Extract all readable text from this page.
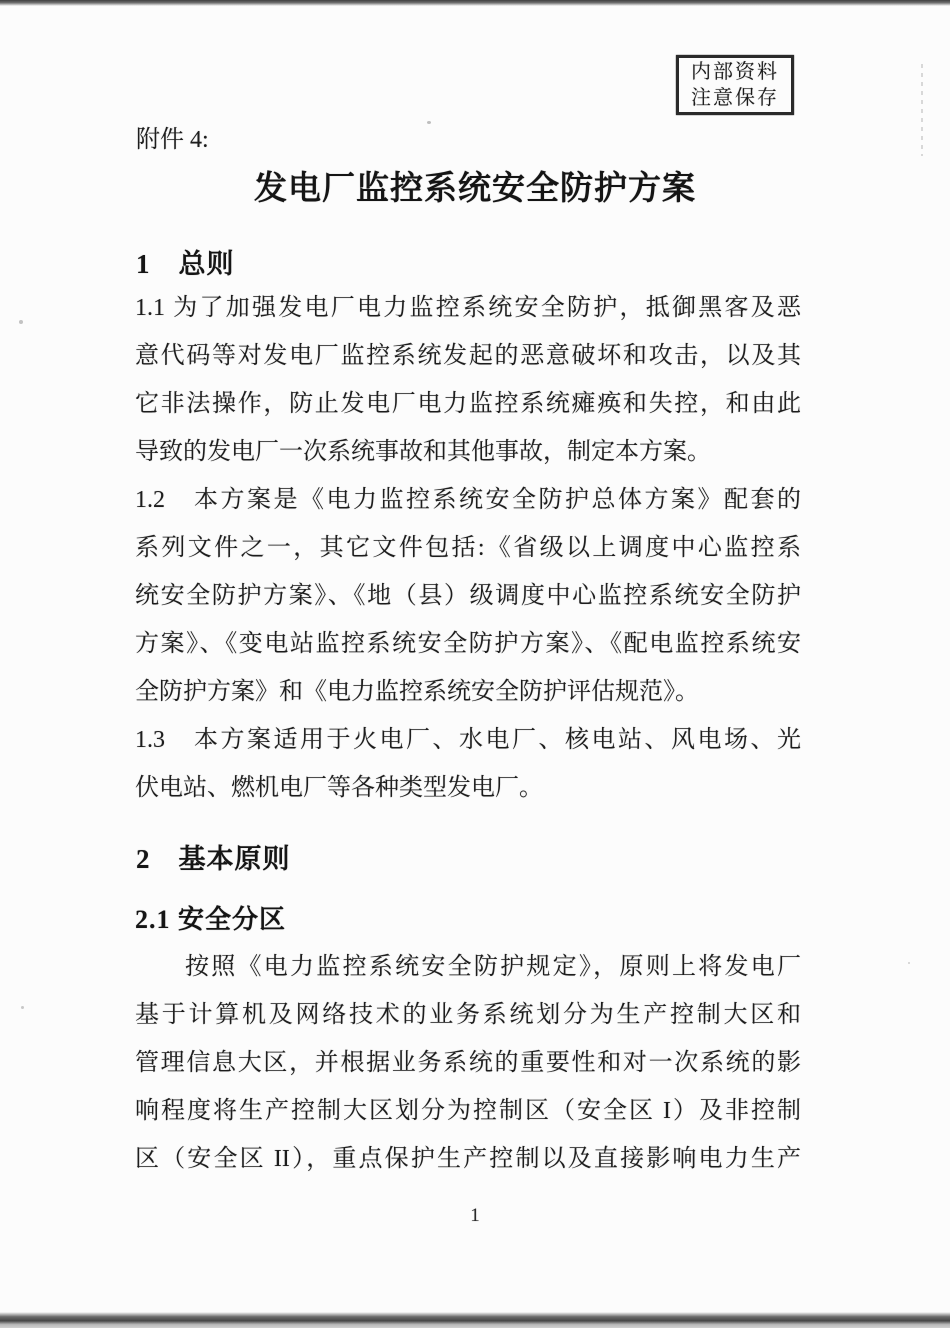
内部资料
注意保存
附件 4:
发电厂监控系统安全防护方案
1　总则
1.1 为了加强发电厂电力监控系统安全防护，抵御黑客及恶
意代码等对发电厂监控系统发起的恶意破坏和攻击，以及其
它非法操作，防止发电厂电力监控系统瘫痪和失控，和由此
导致的发电厂一次系统事故和其他事故，制定本方案。
1.2　本方案是《电力监控系统安全防护总体方案》配套的
系列文件之一，其它文件包括:《省级以上调度中心监控系
统安全防护方案》、《地（县）级调度中心监控系统安全防护
方案》、《变电站监控系统安全防护方案》、《配电监控系统安
全防护方案》和《电力监控系统安全防护评估规范》。
1.3　本方案适用于火电厂、水电厂、核电站、风电场、光
伏电站、燃机电厂等各种类型发电厂。
2　基本原则
2.1 安全分区
按照《电力监控系统安全防护规定》，原则上将发电厂
基于计算机及网络技术的业务系统划分为生产控制大区和
管理信息大区，并根据业务系统的重要性和对一次系统的影
响程度将生产控制大区划分为控制区（安全区 I）及非控制
区（安全区 II），重点保护生产控制以及直接影响电力生产
1
